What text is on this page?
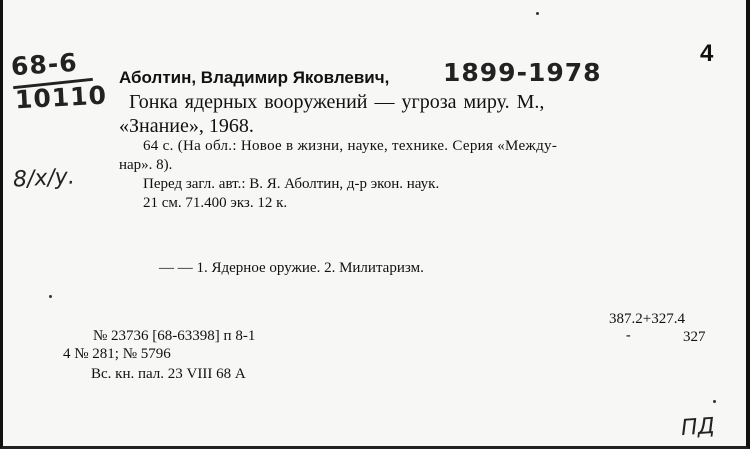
68-6
10110
4
Аболтин, Владимир Яковлевич, 1899-1978
Гонка ядерных вооружений — угроза миру. М.,
«Знание», 1968.
64 с. (На обл.: Новое в жизни, науке, технике. Серия «Между-
нар». 8).
Перед загл. авт.: В. Я. Аболтин, д-р экон. наук.
21 см. 71.400 экз. 12 к.
— — 1. Ядерное оружие. 2. Милитаризм.
387.2+327.4
-	327
№ 23736 [68-63398] п 8-1
4 № 281; № 5796
Вс. кн. пал. 23 VIII 68 А
8/х/у.
ПД
